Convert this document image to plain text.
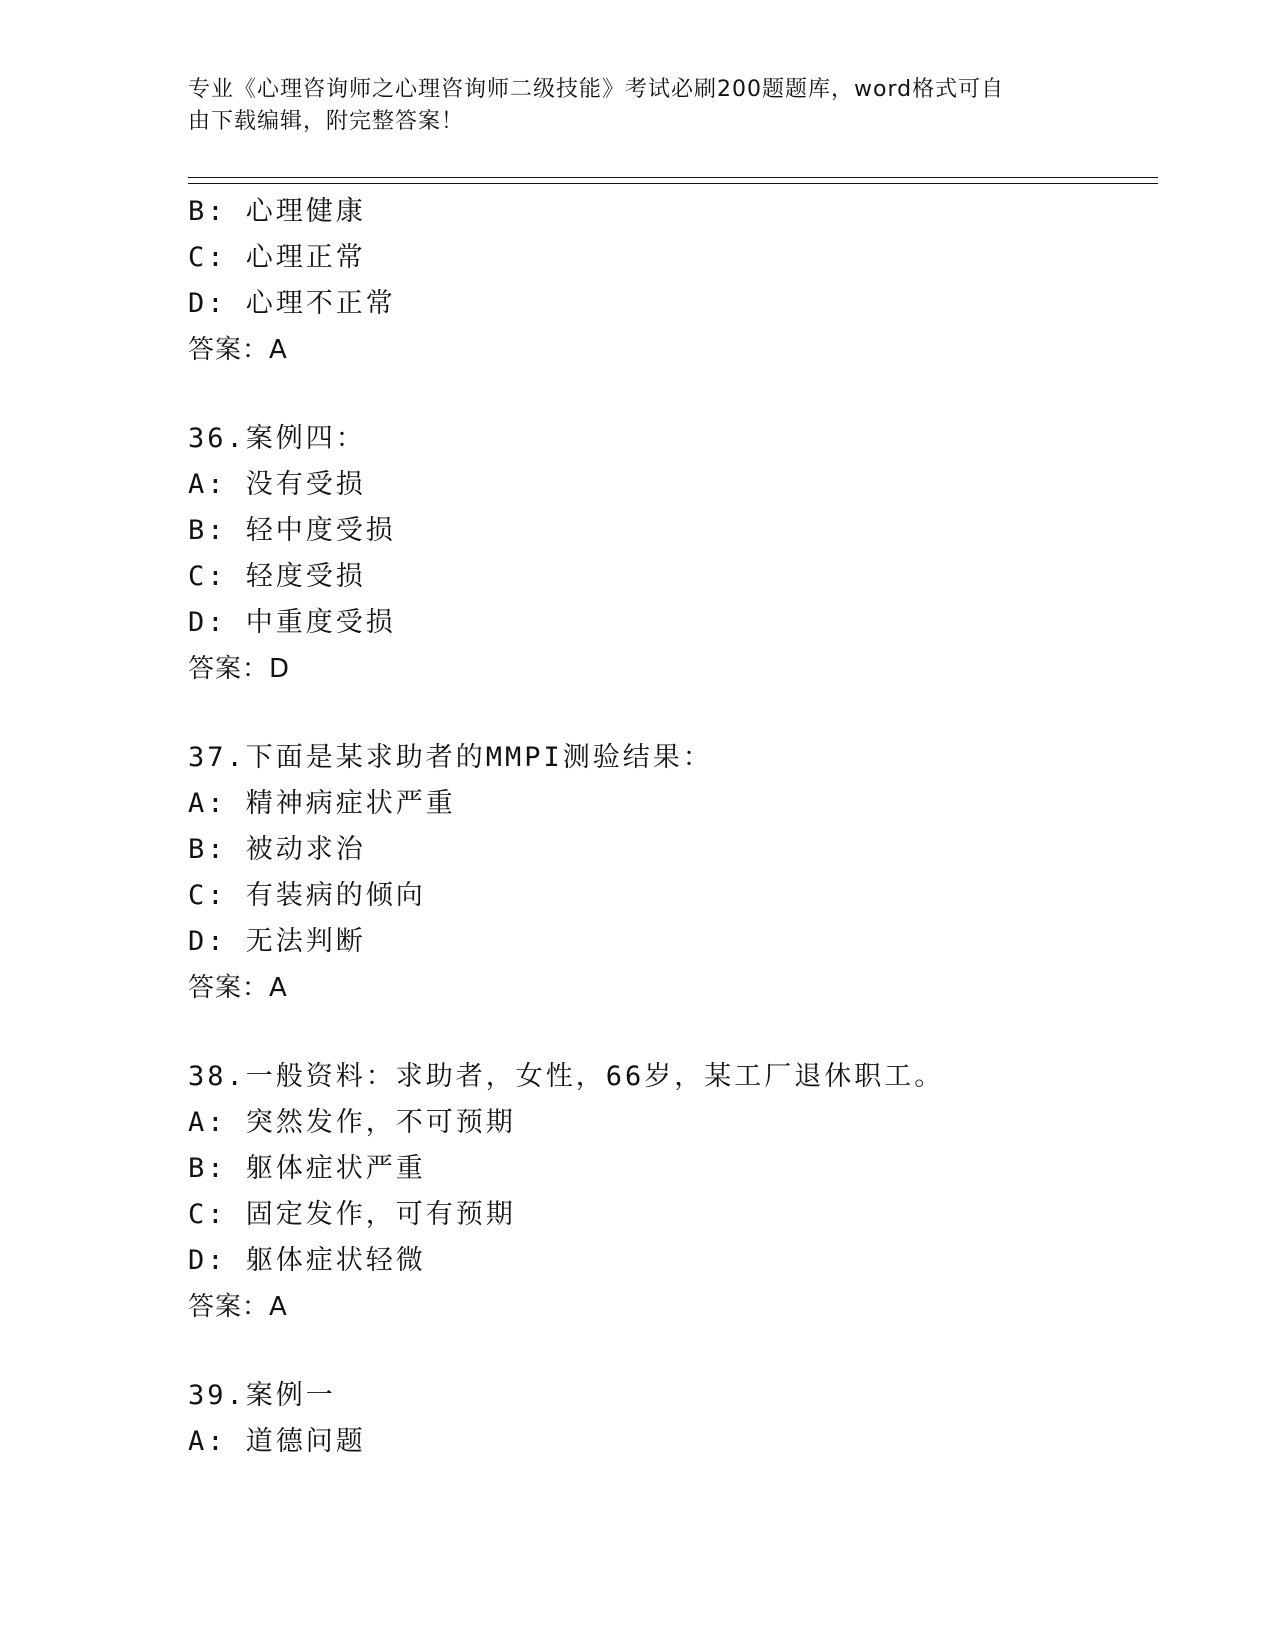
专业《心理咨询师之心理咨询师二级技能》考试必刷200题题库，word格式可自
由下载编辑，附完整答案！
B: 心理健康
C: 心理正常
D: 心理不正常
答案：A
36.案例四：
A: 没有受损
B: 轻中度受损
C: 轻度受损
D: 中重度受损
答案：D
37.下面是某求助者的MMPI测验结果：
A: 精神病症状严重
B: 被动求治
C: 有装病的倾向
D: 无法判断
答案：A
38.一般资料：求助者，女性，66岁，某工厂退休职工。
A: 突然发作，不可预期
B: 躯体症状严重
C: 固定发作，可有预期
D: 躯体症状轻微
答案：A
39.案例一
A: 道德问题
